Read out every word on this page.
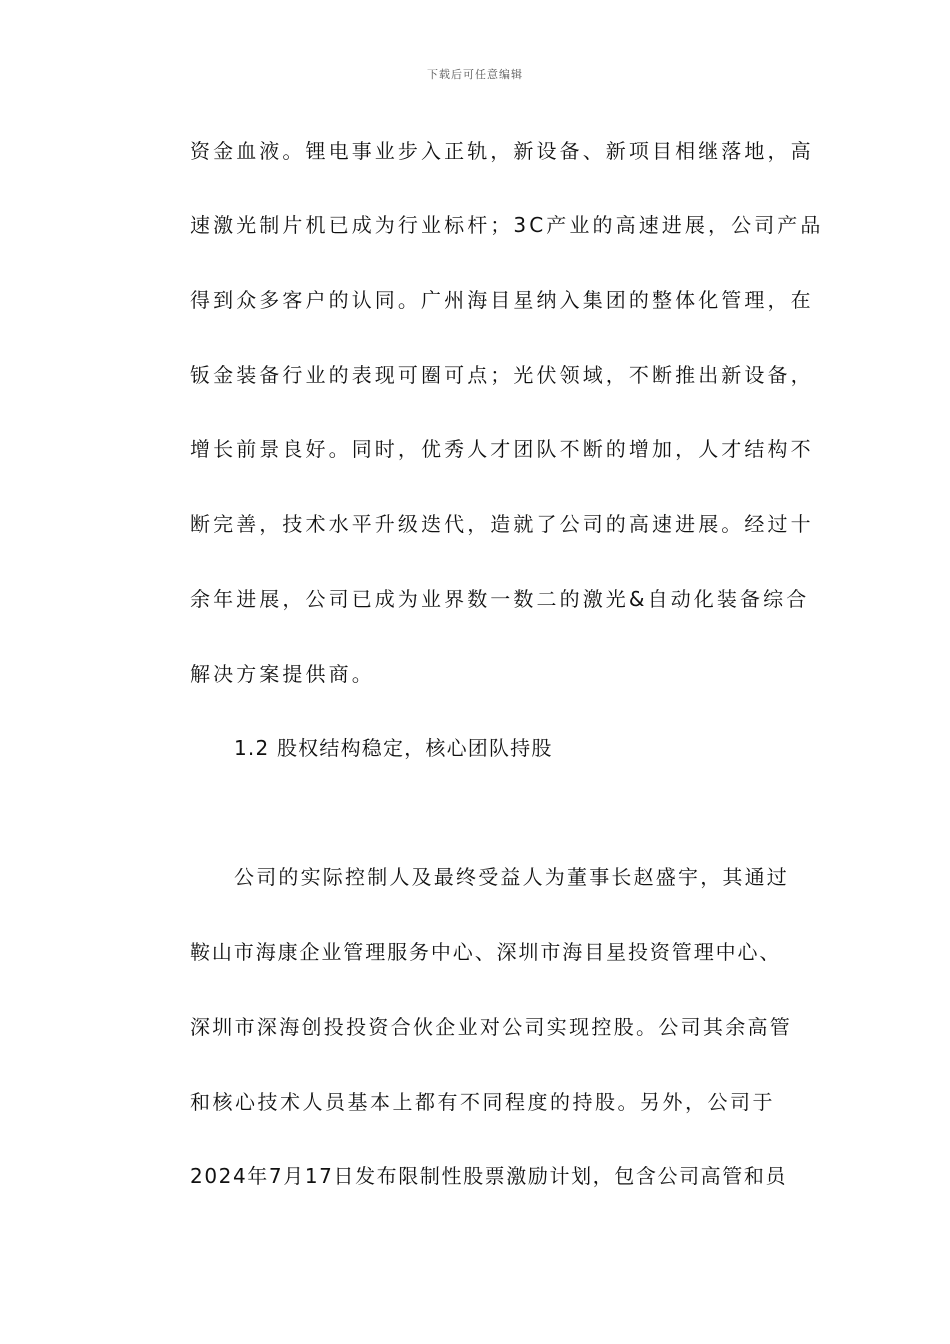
下载后可任意编辑
资金血液。锂电事业步入正轨，新设备、新项目相继落地，高
速激光制片机已成为行业标杆；3C产业的高速进展，公司产品
得到众多客户的认同。广州海目星纳入集团的整体化管理，在
钣金装备行业的表现可圈可点；光伏领域，不断推出新设备，
增长前景良好。同时，优秀人才团队不断的增加，人才结构不
断完善，技术水平升级迭代，造就了公司的高速进展。经过十
余年进展，公司已成为业界数一数二的激光&自动化装备综合
解决方案提供商。
1.2 股权结构稳定，核心团队持股
公司的实际控制人及最终受益人为董事长赵盛宇，其通过
鞍山市海康企业管理服务中心、深圳市海目星投资管理中心、
深圳市深海创投投资合伙企业对公司实现控股。公司其余高管
和核心技术人员基本上都有不同程度的持股。另外，公司于
2024年7月17日发布限制性股票激励计划，包含公司高管和员
